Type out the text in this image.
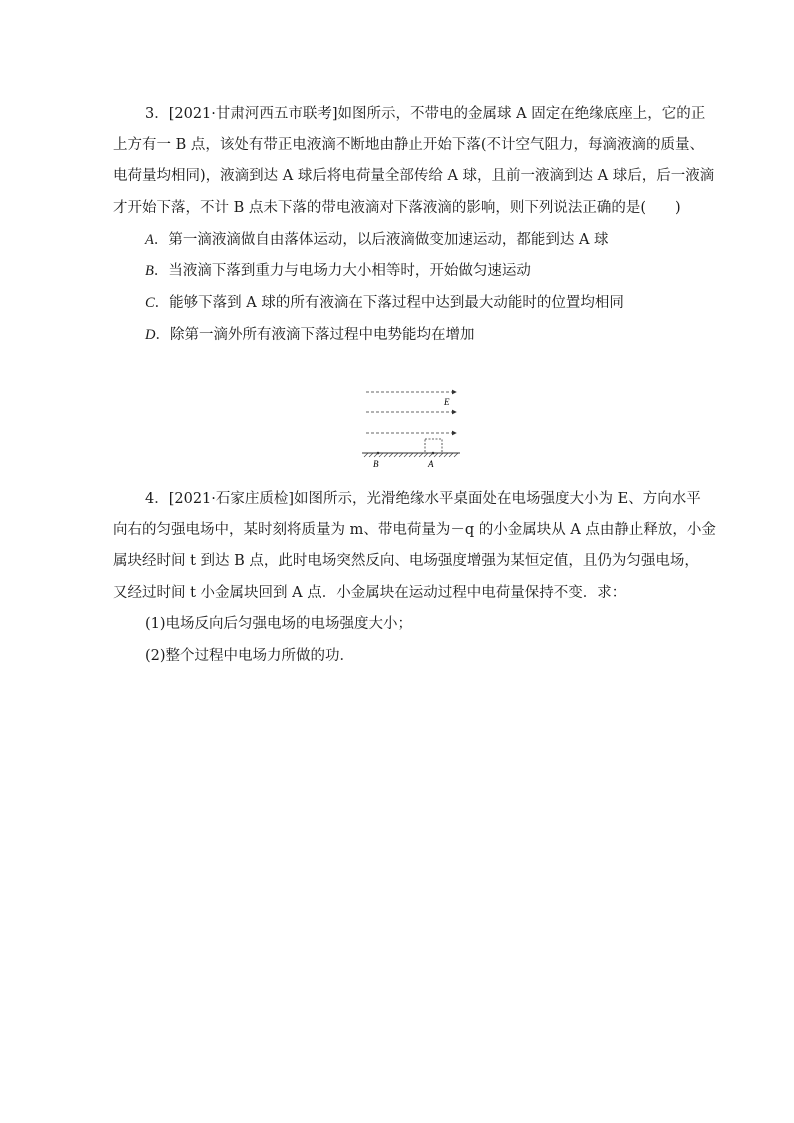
3．[2021·甘肃河西五市联考]如图所示，不带电的金属球 A 固定在绝缘底座上，它的正
上方有一 B 点，该处有带正电液滴不断地由静止开始下落(不计空气阻力，每滴液滴的质量、
电荷量均相同)，液滴到达 A 球后将电荷量全部传给 A 球，且前一液滴到达 A 球后，后一液滴
才开始下落，不计 B 点未下落的带电液滴对下落液滴的影响，则下列说法正确的是(　　)
A．第一滴液滴做自由落体运动，以后液滴做变加速运动，都能到达 A 球
B．当液滴下落到重力与电场力大小相等时，开始做匀速运动
C．能够下落到 A 球的所有液滴在下落过程中达到最大动能时的位置均相同
D．除第一滴外所有液滴下落过程中电势能均在增加
E
B	A
4．[2021·石家庄质检]如图所示，光滑绝缘水平桌面处在电场强度大小为 E、方向水平
向右的匀强电场中，某时刻将质量为 m、带电荷量为－q 的小金属块从 A 点由静止释放，小金
属块经时间 t 到达 B 点，此时电场突然反向、电场强度增强为某恒定值，且仍为匀强电场，
又经过时间 t 小金属块回到 A 点．小金属块在运动过程中电荷量保持不变．求：
(1)电场反向后匀强电场的电场强度大小；
(2)整个过程中电场力所做的功．
